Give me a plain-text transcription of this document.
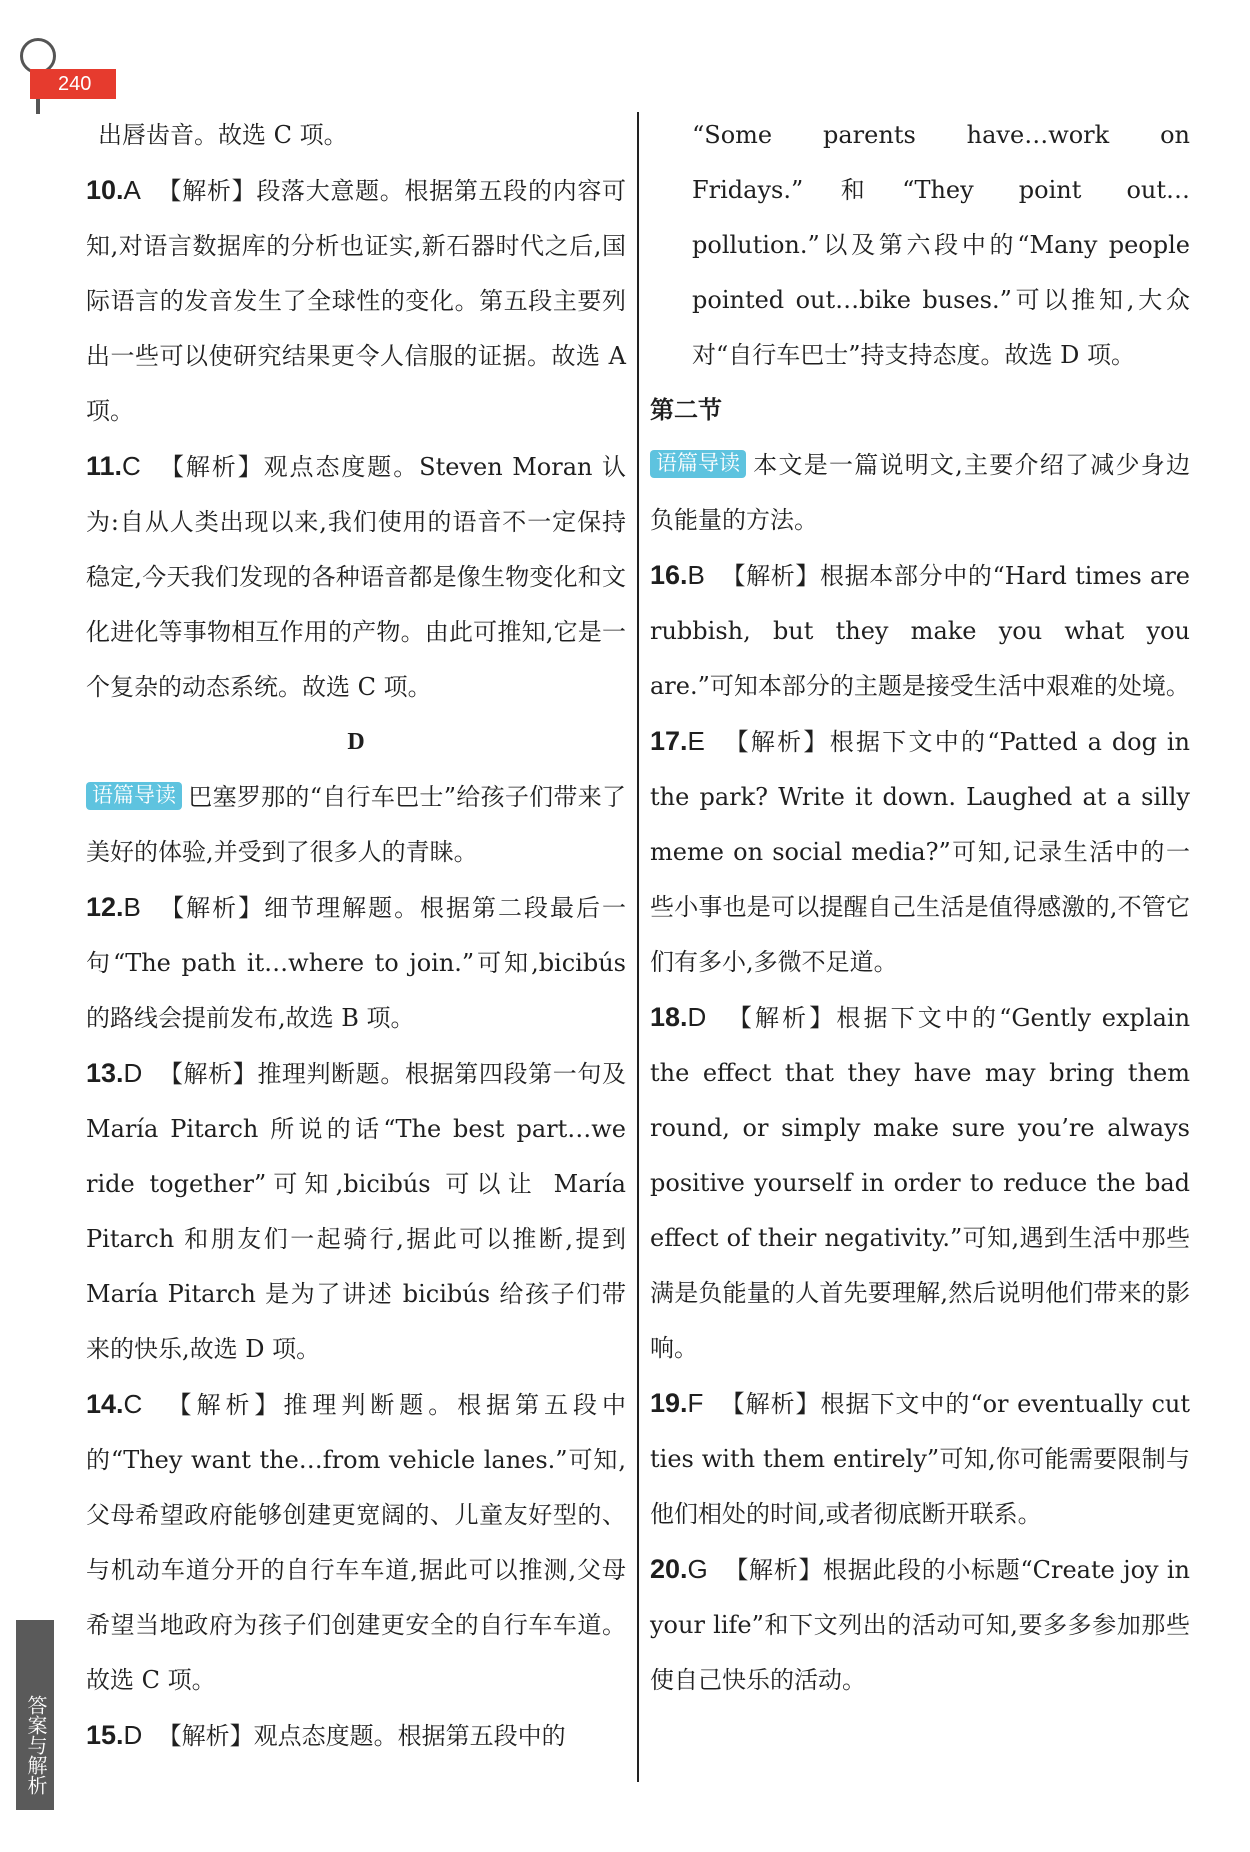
240
出唇齿音。故选 C 项。
10.A 【解析】段落大意题。根据第五段的内容可知,对语言数据库的分析也证实,新石器时代之后,国际语言的发音发生了全球性的变化。第五段主要列出一些可以使研究结果更令人信服的证据。故选 A 项。
11.C 【解析】观点态度题。Steven Moran 认为:自从人类出现以来,我们使用的语音不一定保持稳定,今天我们发现的各种语音都是像生物变化和文化进化等事物相互作用的产物。由此可推知,它是一个复杂的动态系统。故选 C 项。
D
语篇导读 巴塞罗那的“自行车巴士”给孩子们带来了美好的体验,并受到了很多人的青睐。
12.B 【解析】细节理解题。根据第二段最后一句“The path it…where to join.”可知,bicibús 的路线会提前发布,故选 B 项。
13.D 【解析】推理判断题。根据第四段第一句及 María Pitarch 所说的话“The best part…we ride together”可知,bicibús 可以让 María Pitarch 和朋友们一起骑行,据此可以推断,提到 María Pitarch 是为了讲述 bicibús 给孩子们带来的快乐,故选 D 项。
14.C 【解析】推理判断题。根据第五段中的“They want the…from vehicle lanes.”可知,父母希望政府能够创建更宽阔的、儿童友好型的、与机动车道分开的自行车车道,据此可以推测,父母希望当地政府为孩子们创建更安全的自行车车道。故选 C 项。
15.D 【解析】观点态度题。根据第五段中的
“Some parents have…work on Fridays.”和“They point out…pollution.”以及第六段中的“Many people pointed out…bike buses.”可以推知,大众对“自行车巴士”持支持态度。故选 D 项。
第二节
语篇导读 本文是一篇说明文,主要介绍了减少身边负能量的方法。
16.B 【解析】根据本部分中的“Hard times are rubbish, but they make you what you are.”可知本部分的主题是接受生活中艰难的处境。
17.E 【解析】根据下文中的“Patted a dog in the park? Write it down. Laughed at a silly meme on social media?”可知,记录生活中的一些小事也是可以提醒自己生活是值得感激的,不管它们有多小,多微不足道。
18.D 【解析】根据下文中的“Gently explain the effect that they have may bring them round, or simply make sure you’re always positive yourself in order to reduce the bad effect of their negativity.”可知,遇到生活中那些满是负能量的人首先要理解,然后说明他们带来的影响。
19.F 【解析】根据下文中的“or eventually cut ties with them entirely”可知,你可能需要限制与他们相处的时间,或者彻底断开联系。
20.G 【解析】根据此段的小标题“Create joy in your life”和下文列出的活动可知,要多多参加那些使自己快乐的活动。
答案与解析
